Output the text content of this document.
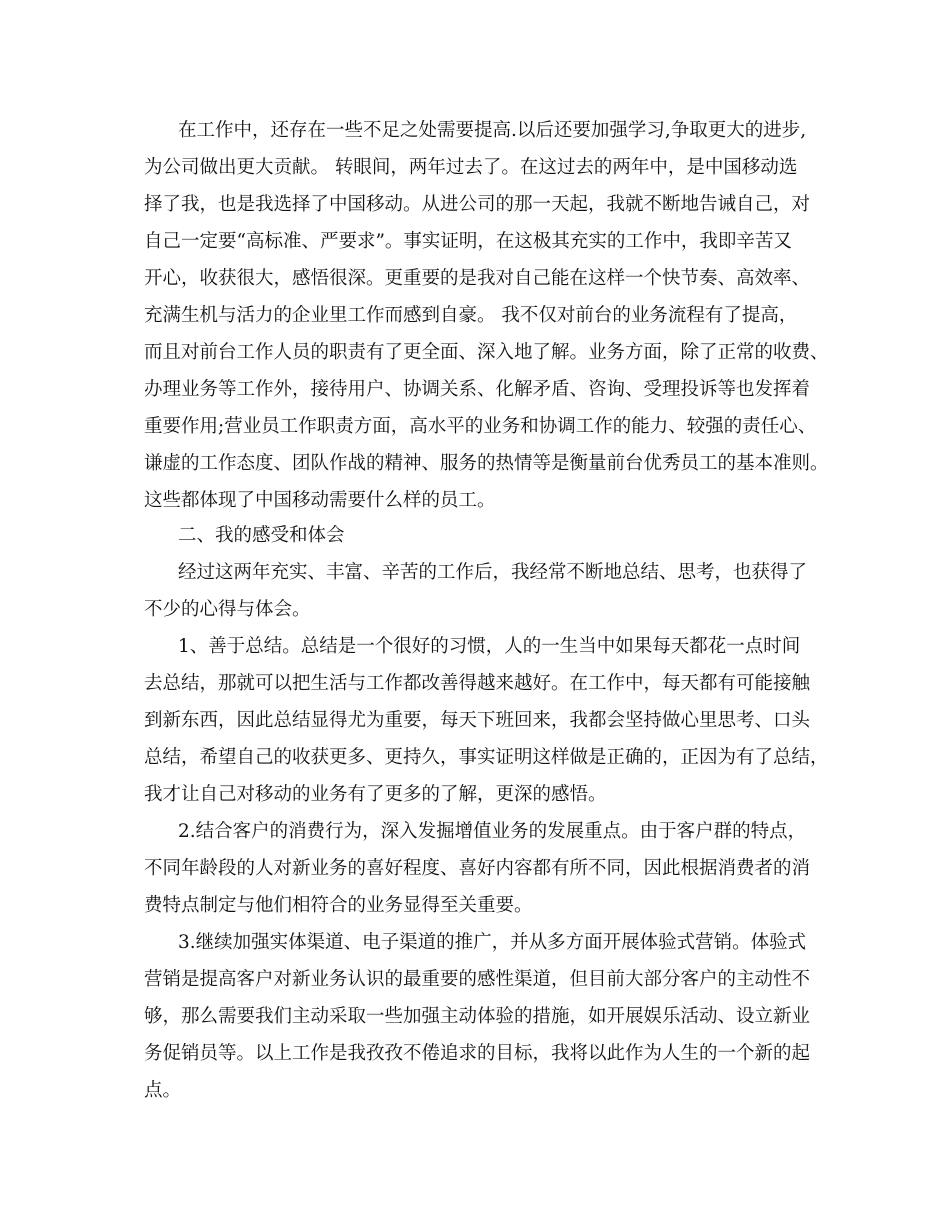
在工作中，还存在一些不足之处需要提高.以后还要加强学习,争取更大的进步,
为公司做出更大贡献。 转眼间，两年过去了。在这过去的两年中，是中国移动选
择了我，也是我选择了中国移动。从进公司的那一天起，我就不断地告诫自己，对
自己一定要“高标准、严要求”。事实证明，在这极其充实的工作中，我即辛苦又
开心，收获很大，感悟很深。更重要的是我对自己能在这样一个快节奏、高效率、
充满生机与活力的企业里工作而感到自豪。 我不仅对前台的业务流程有了提高，
而且对前台工作人员的职责有了更全面、深入地了解。业务方面，除了正常的收费、
办理业务等工作外，接待用户、协调关系、化解矛盾、咨询、受理投诉等也发挥着
重要作用;营业员工作职责方面，高水平的业务和协调工作的能力、较强的责任心、
谦虚的工作态度、团队作战的精神、服务的热情等是衡量前台优秀员工的基本准则。
这些都体现了中国移动需要什么样的员工。
二、我的感受和体会
经过这两年充实、丰富、辛苦的工作后，我经常不断地总结、思考，也获得了
不少的心得与体会。
1、善于总结。总结是一个很好的习惯，人的一生当中如果每天都花一点时间
去总结，那就可以把生活与工作都改善得越来越好。在工作中，每天都有可能接触
到新东西，因此总结显得尤为重要，每天下班回来，我都会坚持做心里思考、口头
总结，希望自己的收获更多、更持久，事实证明这样做是正确的，正因为有了总结，
我才让自己对移动的业务有了更多的了解，更深的感悟。
2.结合客户的消费行为，深入发掘增值业务的发展重点。由于客户群的特点，
不同年龄段的人对新业务的喜好程度、喜好内容都有所不同，因此根据消费者的消
费特点制定与他们相符合的业务显得至关重要。
3.继续加强实体渠道、电子渠道的推广，并从多方面开展体验式营销。体验式
营销是提高客户对新业务认识的最重要的感性渠道，但目前大部分客户的主动性不
够，那么需要我们主动采取一些加强主动体验的措施，如开展娱乐活动、设立新业
务促销员等。以上工作是我孜孜不倦追求的目标，我将以此作为人生的一个新的起
点。
